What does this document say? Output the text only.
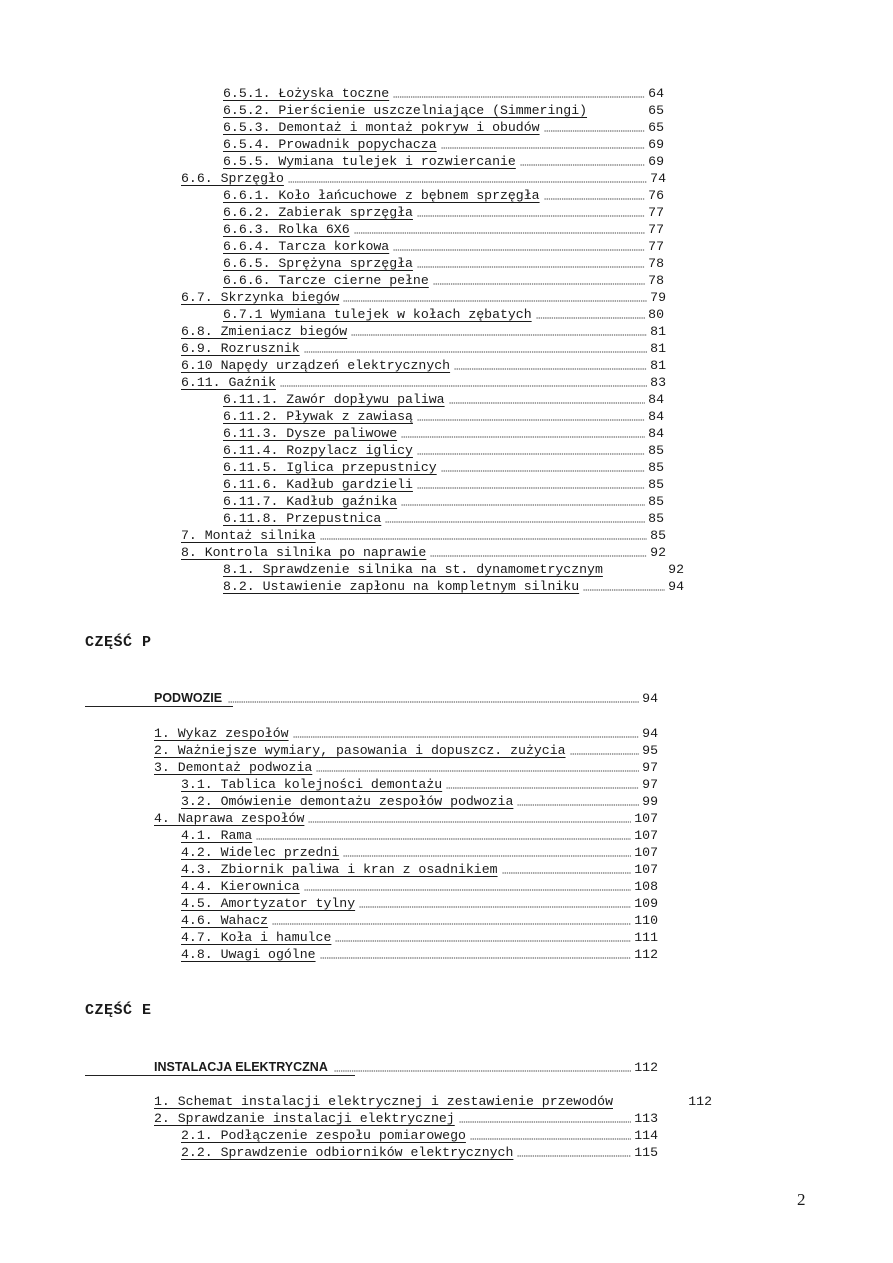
6.5.1. Łożyska toczne	64
6.5.2. Pierścienie uszczelniające (Simmeringi)	65
6.5.3. Demontaż i montaż pokryw i obudów	65
6.5.4. Prowadnik popychacza	69
6.5.5. Wymiana tulejek i rozwiercanie	69
6.6. Sprzęgło	74
6.6.1. Koło łańcuchowe z bębnem sprzęgła	76
6.6.2. Zabierak sprzęgła	77
6.6.3. Rolka 6X6	77
6.6.4. Tarcza korkowa	77
6.6.5. Sprężyna sprzęgła	78
6.6.6. Tarcze cierne pełne	78
6.7. Skrzynka biegów	79
6.7.1 Wymiana tulejek w kołach zębatych	80
6.8. Zmieniacz biegów	81
6.9. Rozrusznik	81
6.10 Napędy urządzeń elektrycznych	81
6.11. Gaźnik	83
6.11.1. Zawór dopływu paliwa	84
6.11.2. Pływak z zawiasą	84
6.11.3. Dysze paliwowe	84
6.11.4. Rozpylacz iglicy	85
6.11.5. Iglica przepustnicy	85
6.11.6. Kadłub gardzieli	85
6.11.7. Kadłub gaźnika	85
6.11.8. Przepustnica	85
7. Montaż silnika	85
8. Kontrola silnika po naprawie	92
8.1. Sprawdzenie silnika na st. dynamometrycznym	92
8.2. Ustawienie zapłonu na kompletnym silniku	94
CZĘŚĆ P
PODWOZIE	94
1. Wykaz zespołów	94
2. Ważniejsze wymiary, pasowania i dopuszcz. zużycia	95
3. Demontaż podwozia	97
3.1. Tablica kolejności demontażu	97
3.2. Omówienie demontażu zespołów podwozia	99
4. Naprawa zespołów	107
4.1. Rama	107
4.2. Widelec przedni	107
4.3. Zbiornik paliwa i kran z osadnikiem	107
4.4. Kierownica	108
4.5. Amortyzator tylny	109
4.6. Wahacz	110
4.7. Koła i hamulce	111
4.8. Uwagi ogólne	112
CZĘŚĆ E
INSTALACJA ELEKTRYCZNA	112
1. Schemat instalacji elektrycznej i zestawienie przewodów	112
2. Sprawdzanie instalacji elektrycznej	113
2.1. Podłączenie zespołu pomiarowego	114
2.2. Sprawdzenie odbiorników elektrycznych	115
2
